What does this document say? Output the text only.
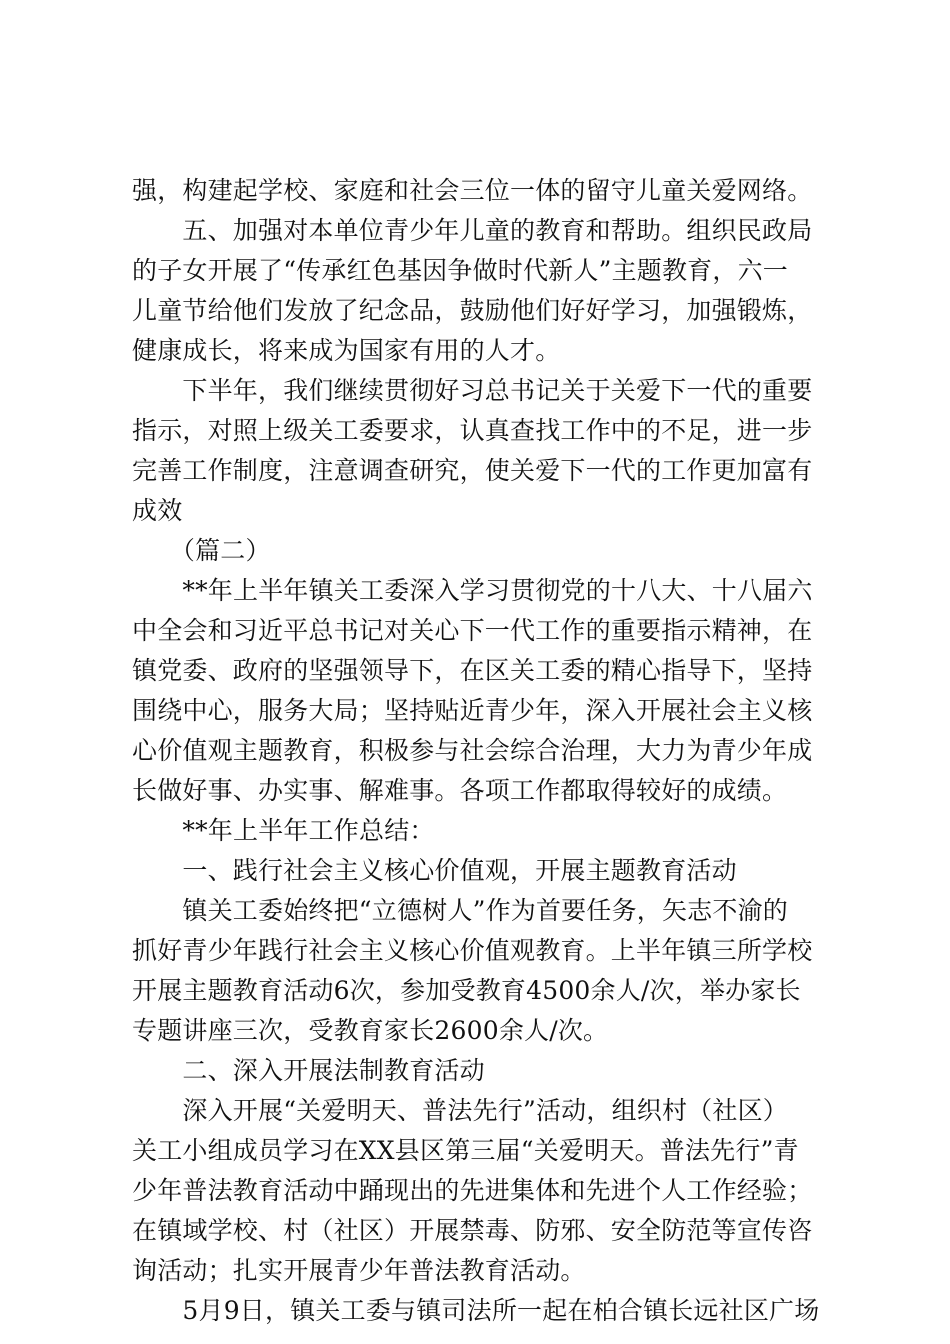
强，构建起学校、家庭和社会三位一体的留守儿童关爱网络。
　　五、加强对本单位青少年儿童的教育和帮助。组织民政局
的子女开展了“传承红色基因争做时代新人”主题教育，六一
儿童节给他们发放了纪念品，鼓励他们好好学习，加强锻炼，
健康成长，将来成为国家有用的人才。
　　下半年，我们继续贯彻好习总书记关于关爱下一代的重要
指示，对照上级关工委要求，认真查找工作中的不足，进一步
完善工作制度，注意调查研究，使关爱下一代的工作更加富有
成效
　　（篇二）
　　**年上半年镇关工委深入学习贯彻党的十八大、十八届六
中全会和习近平总书记对关心下一代工作的重要指示精神，在
镇党委、政府的坚强领导下，在区关工委的精心指导下，坚持
围绕中心，服务大局；坚持贴近青少年，深入开展社会主义核
心价值观主题教育，积极参与社会综合治理，大力为青少年成
长做好事、办实事、解难事。各项工作都取得较好的成绩。
　　**年上半年工作总结：
　　一、践行社会主义核心价值观，开展主题教育活动
　　镇关工委始终把“立德树人”作为首要任务，矢志不渝的
抓好青少年践行社会主义核心价值观教育。上半年镇三所学校
开展主题教育活动6次，参加受教育4500余人/次，举办家长
专题讲座三次，受教育家长2600余人/次。
　　二、深入开展法制教育活动
　　深入开展“关爱明天、普法先行”活动，组织村（社区）
关工小组成员学习在XX县区第三届“关爱明天。普法先行”青
少年普法教育活动中踊现出的先进集体和先进个人工作经验；
在镇域学校、村（社区）开展禁毒、防邪、安全防范等宣传咨
询活动；扎实开展青少年普法教育活动。
　　5月9日，镇关工委与镇司法所一起在柏合镇长远社区广场
